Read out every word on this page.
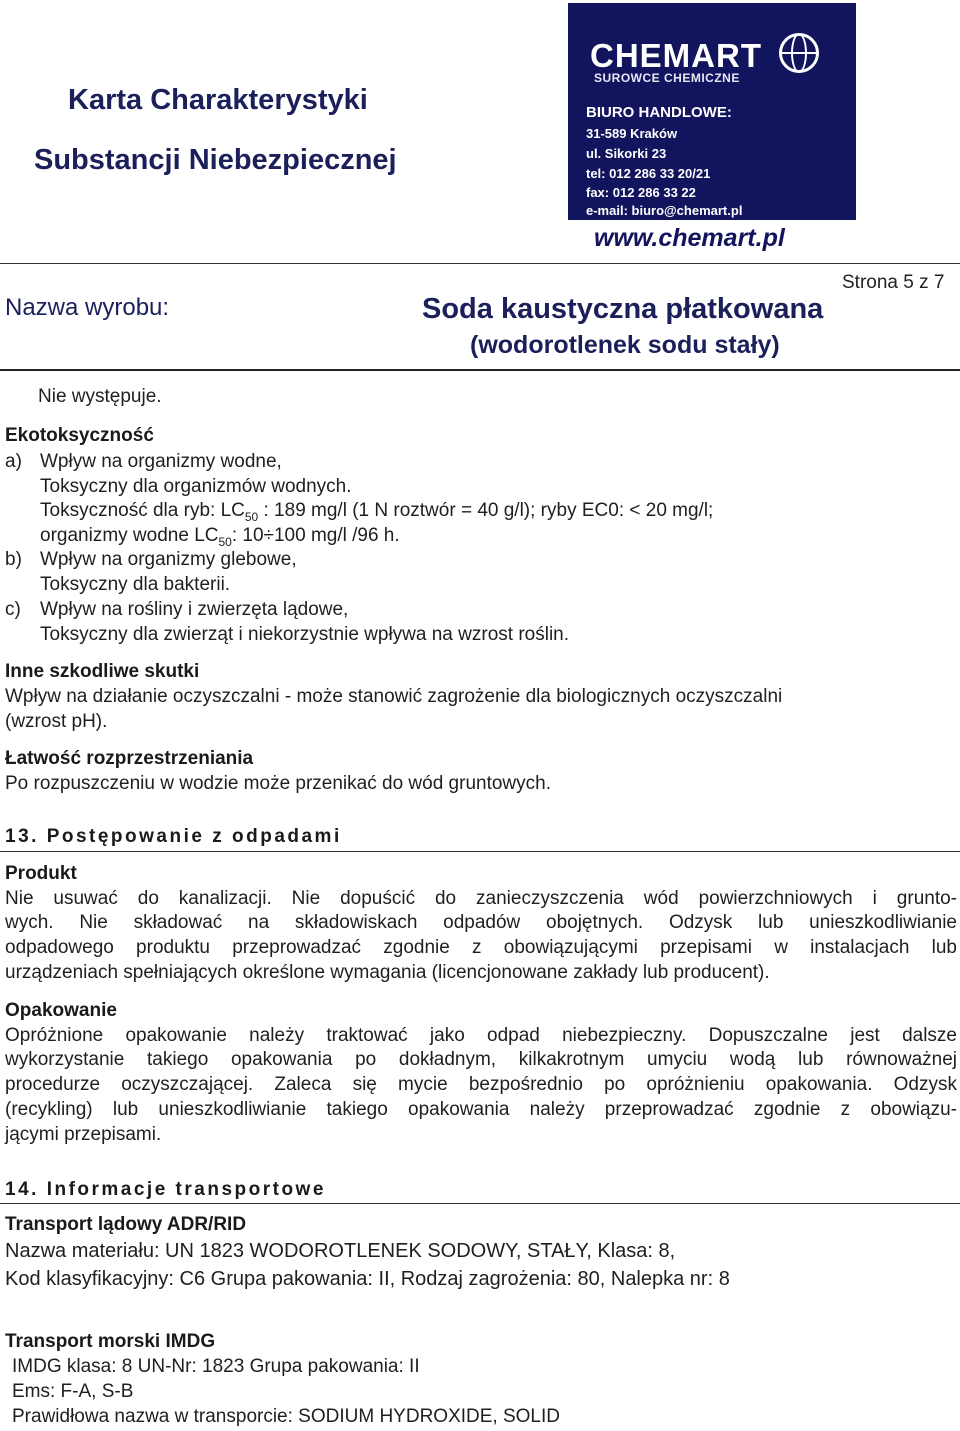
Karta Charakterystyki
Substancji Niebezpiecznej
CHEMART
SUROWCE CHEMICZNE
BIURO HANDLOWE:
31-589 Kraków
ul. Sikorki 23
tel: 012 286 33 20/21
fax: 012 286 33 22
e-mail: biuro@chemart.pl
www.chemart.pl
Strona 5 z 7
Nazwa wyrobu:	Soda kaustyczna płatkowana
(wodorotlenek sodu stały)
Nie występuje.
Ekotoksyczność
a) Wpływ na organizmy wodne,
Toksyczny dla organizmów wodnych.
Toksyczność dla ryb: $LC_{50}$ : 189 mg/l (1 N roztwór = 40 g/l); ryby EC0: < 20 mg/l;
organizmy wodne $LC_{50}$: 10÷100 mg/l /96 h.
b) Wpływ na organizmy glebowe,
Toksyczny dla bakterii.
c) Wpływ na rośliny i zwierzęta lądowe,
Toksyczny dla zwierząt i niekorzystnie wpływa na wzrost roślin.
Inne szkodliwe skutki
Wpływ na działanie oczyszczalni - może stanowić zagrożenie dla biologicznych oczyszczalni
(wzrost pH).
Łatwość rozprzestrzeniania
Po rozpuszczeniu w wodzie może przenikać do wód gruntowych.
13. Postępowanie z odpadami
Produkt
Nie usuwać do kanalizacji. Nie dopuścić do zanieczyszczenia wód powierzchniowych i grunto-
wych. Nie składować na składowiskach odpadów obojętnych. Odzysk lub unieszkodliwianie
odpadowego produktu przeprowadzać zgodnie z obowiązującymi przepisami w instalacjach lub
urządzeniach spełniających określone wymagania (licencjonowane zakłady lub producent).
Opakowanie
Opróżnione opakowanie należy traktować jako odpad niebezpieczny. Dopuszczalne jest dalsze
wykorzystanie takiego opakowania po dokładnym, kilkakrotnym umyciu wodą lub równoważnej
procedurze oczyszczającej. Zaleca się mycie bezpośrednio po opróżnieniu opakowania. Odzysk
(recykling) lub unieszkodliwianie takiego opakowania należy przeprowadzać zgodnie z obowiązu-
jącymi przepisami.
14. Informacje transportowe
Transport lądowy ADR/RID
Nazwa materiału: UN 1823 WODOROTLENEK SODOWY, STAŁY, Klasa: 8,
Kod klasyfikacyjny: C6 Grupa pakowania: II, Rodzaj zagrożenia: 80, Nalepka nr: 8
Transport morski IMDG
IMDG klasa: 8 UN-Nr: 1823 Grupa pakowania: II
Ems: F-A, S-B
Prawidłowa nazwa w transporcie: SODIUM HYDROXIDE, SOLID
